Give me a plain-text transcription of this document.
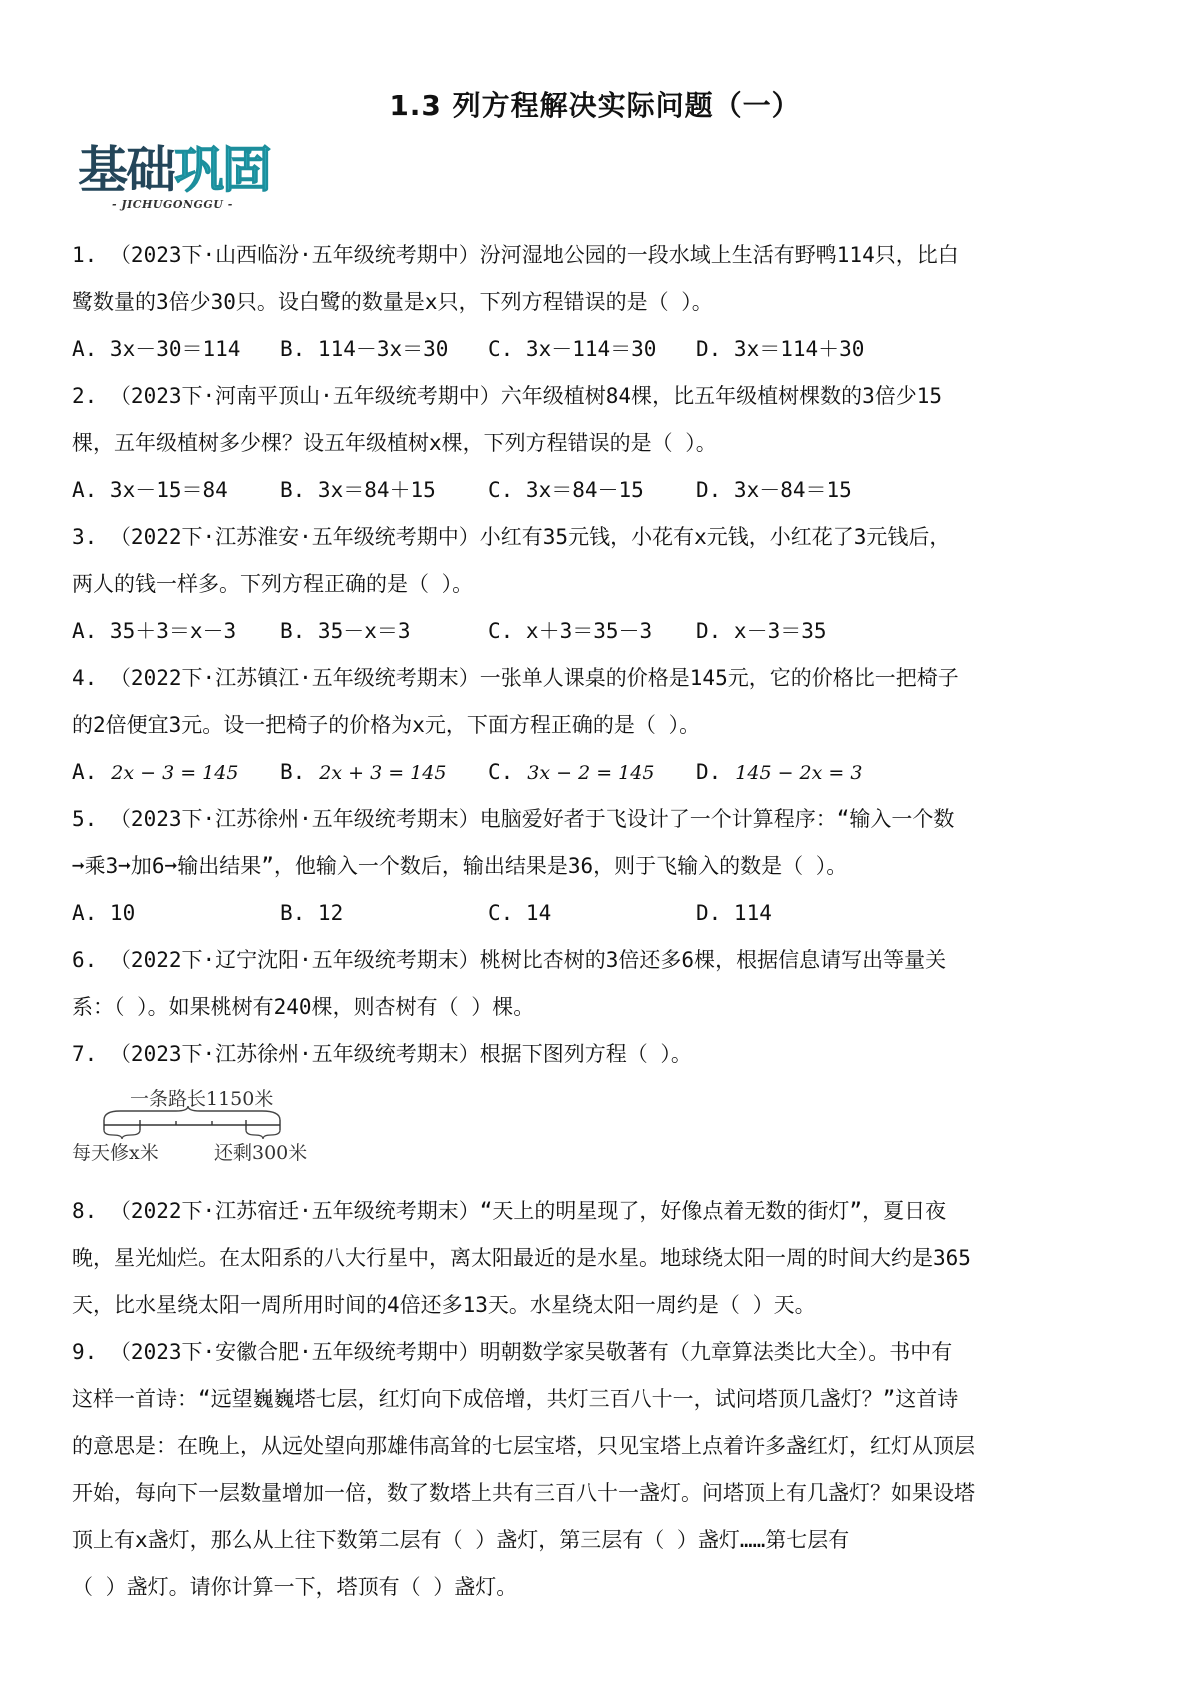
1.3 列方程解决实际问题（一）
基础巩固
- JICHUGONGGU -
1. （2023下·山西临汾·五年级统考期中）汾河湿地公园的一段水域上生活有野鸭114只，比白
鹭数量的3倍少30只。设白鹭的数量是x只，下列方程错误的是（ ）。
A. 3x－30＝114	B. 114－3x＝30	C. 3x－114＝30	D. 3x＝114＋30
2. （2023下·河南平顶山·五年级统考期中）六年级植树84棵，比五年级植树棵数的3倍少15
棵，五年级植树多少棵？设五年级植树x棵，下列方程错误的是（ ）。
A. 3x－15＝84	B. 3x＝84＋15	C. 3x＝84－15	D. 3x－84＝15
3. （2022下·江苏淮安·五年级统考期中）小红有35元钱，小花有x元钱，小红花了3元钱后，
两人的钱一样多。下列方程正确的是（ ）。
A. 35＋3＝x－3	B. 35－x＝3	C. x＋3＝35－3	D. x－3＝35
4. （2022下·江苏镇江·五年级统考期末）一张单人课桌的价格是145元，它的价格比一把椅子
的2倍便宜3元。设一把椅子的价格为x元，下面方程正确的是（ ）。
A. 2x − 3 = 145	B. 2x + 3 = 145	C. 3x − 2 = 145	D. 145 − 2x = 3
5. （2023下·江苏徐州·五年级统考期末）电脑爱好者于飞设计了一个计算程序：“输入一个数
➞乘3➞加6➞输出结果”，他输入一个数后，输出结果是36，则于飞输入的数是（ ）。
A. 10	B. 12	C. 14	D. 114
6. （2022下·辽宁沈阳·五年级统考期末）桃树比杏树的3倍还多6棵，根据信息请写出等量关
系：（ ）。如果桃树有240棵，则杏树有（ ）棵。
7. （2023下·江苏徐州·五年级统考期末）根据下图列方程（ ）。
一条路长1150米
每天修x米	还剩300米
8. （2022下·江苏宿迁·五年级统考期末）“天上的明星现了，好像点着无数的街灯”，夏日夜
晚，星光灿烂。在太阳系的八大行星中，离太阳最近的是水星。地球绕太阳一周的时间大约是365
天，比水星绕太阳一周所用时间的4倍还多13天。水星绕太阳一周约是（ ）天。
9. （2023下·安徽合肥·五年级统考期中）明朝数学家吴敬著有（九章算法类比大全）。书中有
这样一首诗：“远望巍巍塔七层，红灯向下成倍增，共灯三百八十一，试问塔顶几盏灯？”这首诗
的意思是：在晚上，从远处望向那雄伟高耸的七层宝塔，只见宝塔上点着许多盏红灯，红灯从顶层
开始，每向下一层数量增加一倍，数了数塔上共有三百八十一盏灯。问塔顶上有几盏灯？如果设塔
顶上有x盏灯，那么从上往下数第二层有（ ）盏灯，第三层有（ ）盏灯……第七层有
（ ）盏灯。请你计算一下，塔顶有（ ）盏灯。
